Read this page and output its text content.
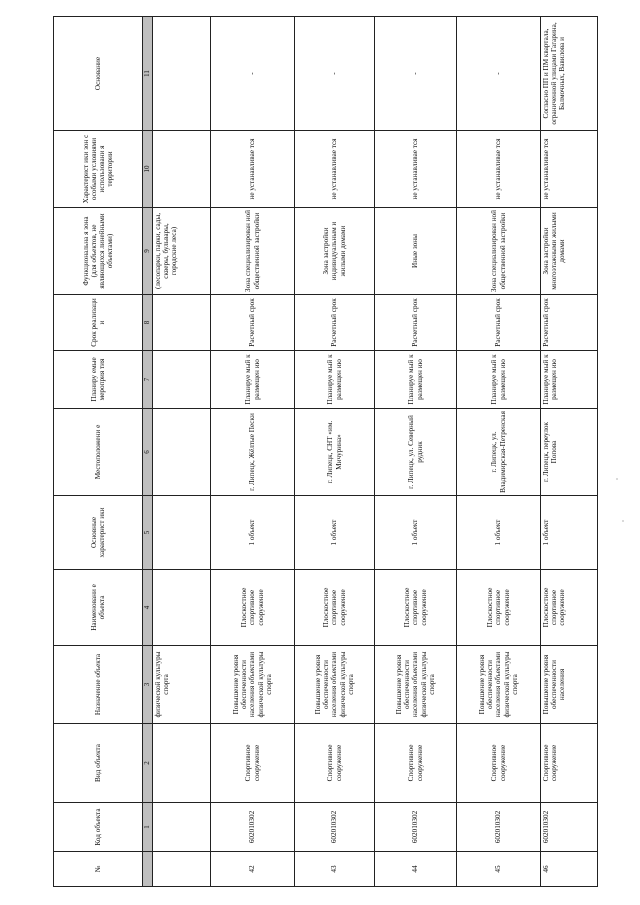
№	Код объекта	Вид объекта	Назначение объекта	Наименовани е объекта	Основные характерист ики	Местоположени е	Планиру емые мероприя тия	Срок реализаци и	Функциональна я зона (для объектов, не являющихся линейными объектами)	Характерист ики зон с особыми условиями использовани я территории	Основание
	1	2	3	4	5	6	7	8	9	10	11
			физической культуры спорта						(лесопарки, парки, сады, скверы, бульвары, городские леса)		
42	602010302	Спортивное сооружение	Повышение уровня обеспеченности населения объектами физической культуры спорта	Плоскостное спортивное сооружение	1 объект	г. Липецк, Жёлтые Пески	Планируе мый к размещен ию	Расчетный срок	Зона специализирован ной общественной застройки	не устанавливае тся	-
43	602010302	Спортивное сооружение	Повышение уровня обеспеченности населения объектами физической культуры спорта	Плоскостное спортивное сооружение	1 объект	г. Липецк, СНТ «им. Мичурина»	Планируе мый к размещен ию	Расчетный срок	Зона застройки индивидуальным и жилыми домами	не устанавливае тся	-
44	602010302	Спортивное сооружение	Повышение уровня обеспеченности населения объектами физической культуры спорта	Плоскостное спортивное сооружение	1 объект	г. Липецк, ул. Северный рудник	Планируе мый к размещен ию	Расчетный срок	Иные зоны	не устанавливае тся	-
45	602010302	Спортивное сооружение	Повышение уровня обеспеченности населения объектами физической культуры спорта	Плоскостное спортивное сооружение	1 объект	г. Липецк, ул. Владимирская-Петренская	Планируе мый к размещен ию	Расчетный срок	Зона специализирован ной общественной застройки	не устанавливае тся	-
46	602010302	Спортивное сооружение	Повышение уровня обеспеченности населения	Плоскостное спортивное сооружение	1 объект	г. Липецк, переулок Попова	Планируе мый к размещен ию	Расчетный срок	Зона застройки многоэтажными жилыми домами	не устанавливае тся	Согласно ПП и ПМ квартала, ограниченной улицами Гагарина, Балмочных, Вавилова и
